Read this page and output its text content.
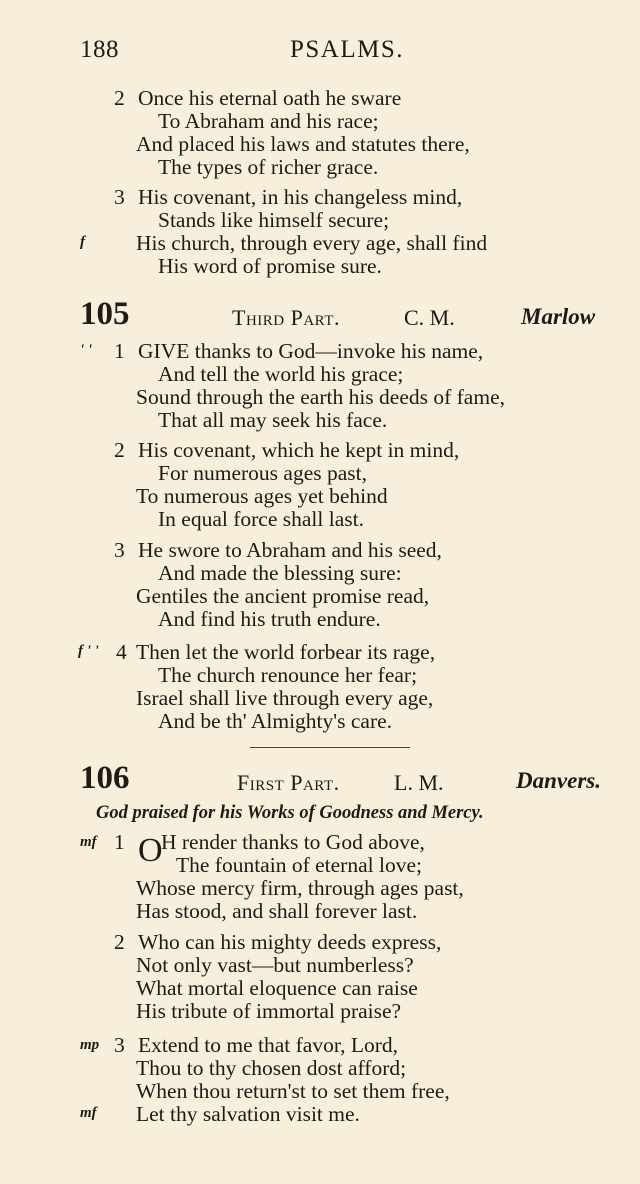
188	PSALMS.
2 Once his eternal oath he sware
To Abraham and his race;
And placed his laws and statutes there,
The types of richer grace.
3 His covenant, in his changeless mind,
Stands like himself secure;
f His church, through every age, shall find
His word of promise sure.
105	Third Part.	C. M.	Marlow
' ' 1 GIVE thanks to God—invoke his name,
And tell the world his grace;
Sound through the earth his deeds of fame,
That all may seek his face.
2 His covenant, which he kept in mind,
For numerous ages past,
To numerous ages yet behind
In equal force shall last.
3 He swore to Abraham and his seed,
And made the blessing sure:
Gentiles the ancient promise read,
And find his truth endure.
f ' ' 4 Then let the world forbear its rage,
The church renounce her fear;
Israel shall live through every age,
And be th' Almighty's care.
106	First Part. L. M.	Danvers.
God praised for his Works of Goodness and Mercy.
mf 1 O
H render thanks to God above,
The fountain of eternal love;
Whose mercy firm, through ages past,
Has stood, and shall forever last.
2 Who can his mighty deeds express,
Not only vast—but numberless?
What mortal eloquence can raise
His tribute of immortal praise?
mp 3 Extend to me that favor, Lord,
Thou to thy chosen dost afford;
When thou return'st to set them free,
mf Let thy salvation visit me.
